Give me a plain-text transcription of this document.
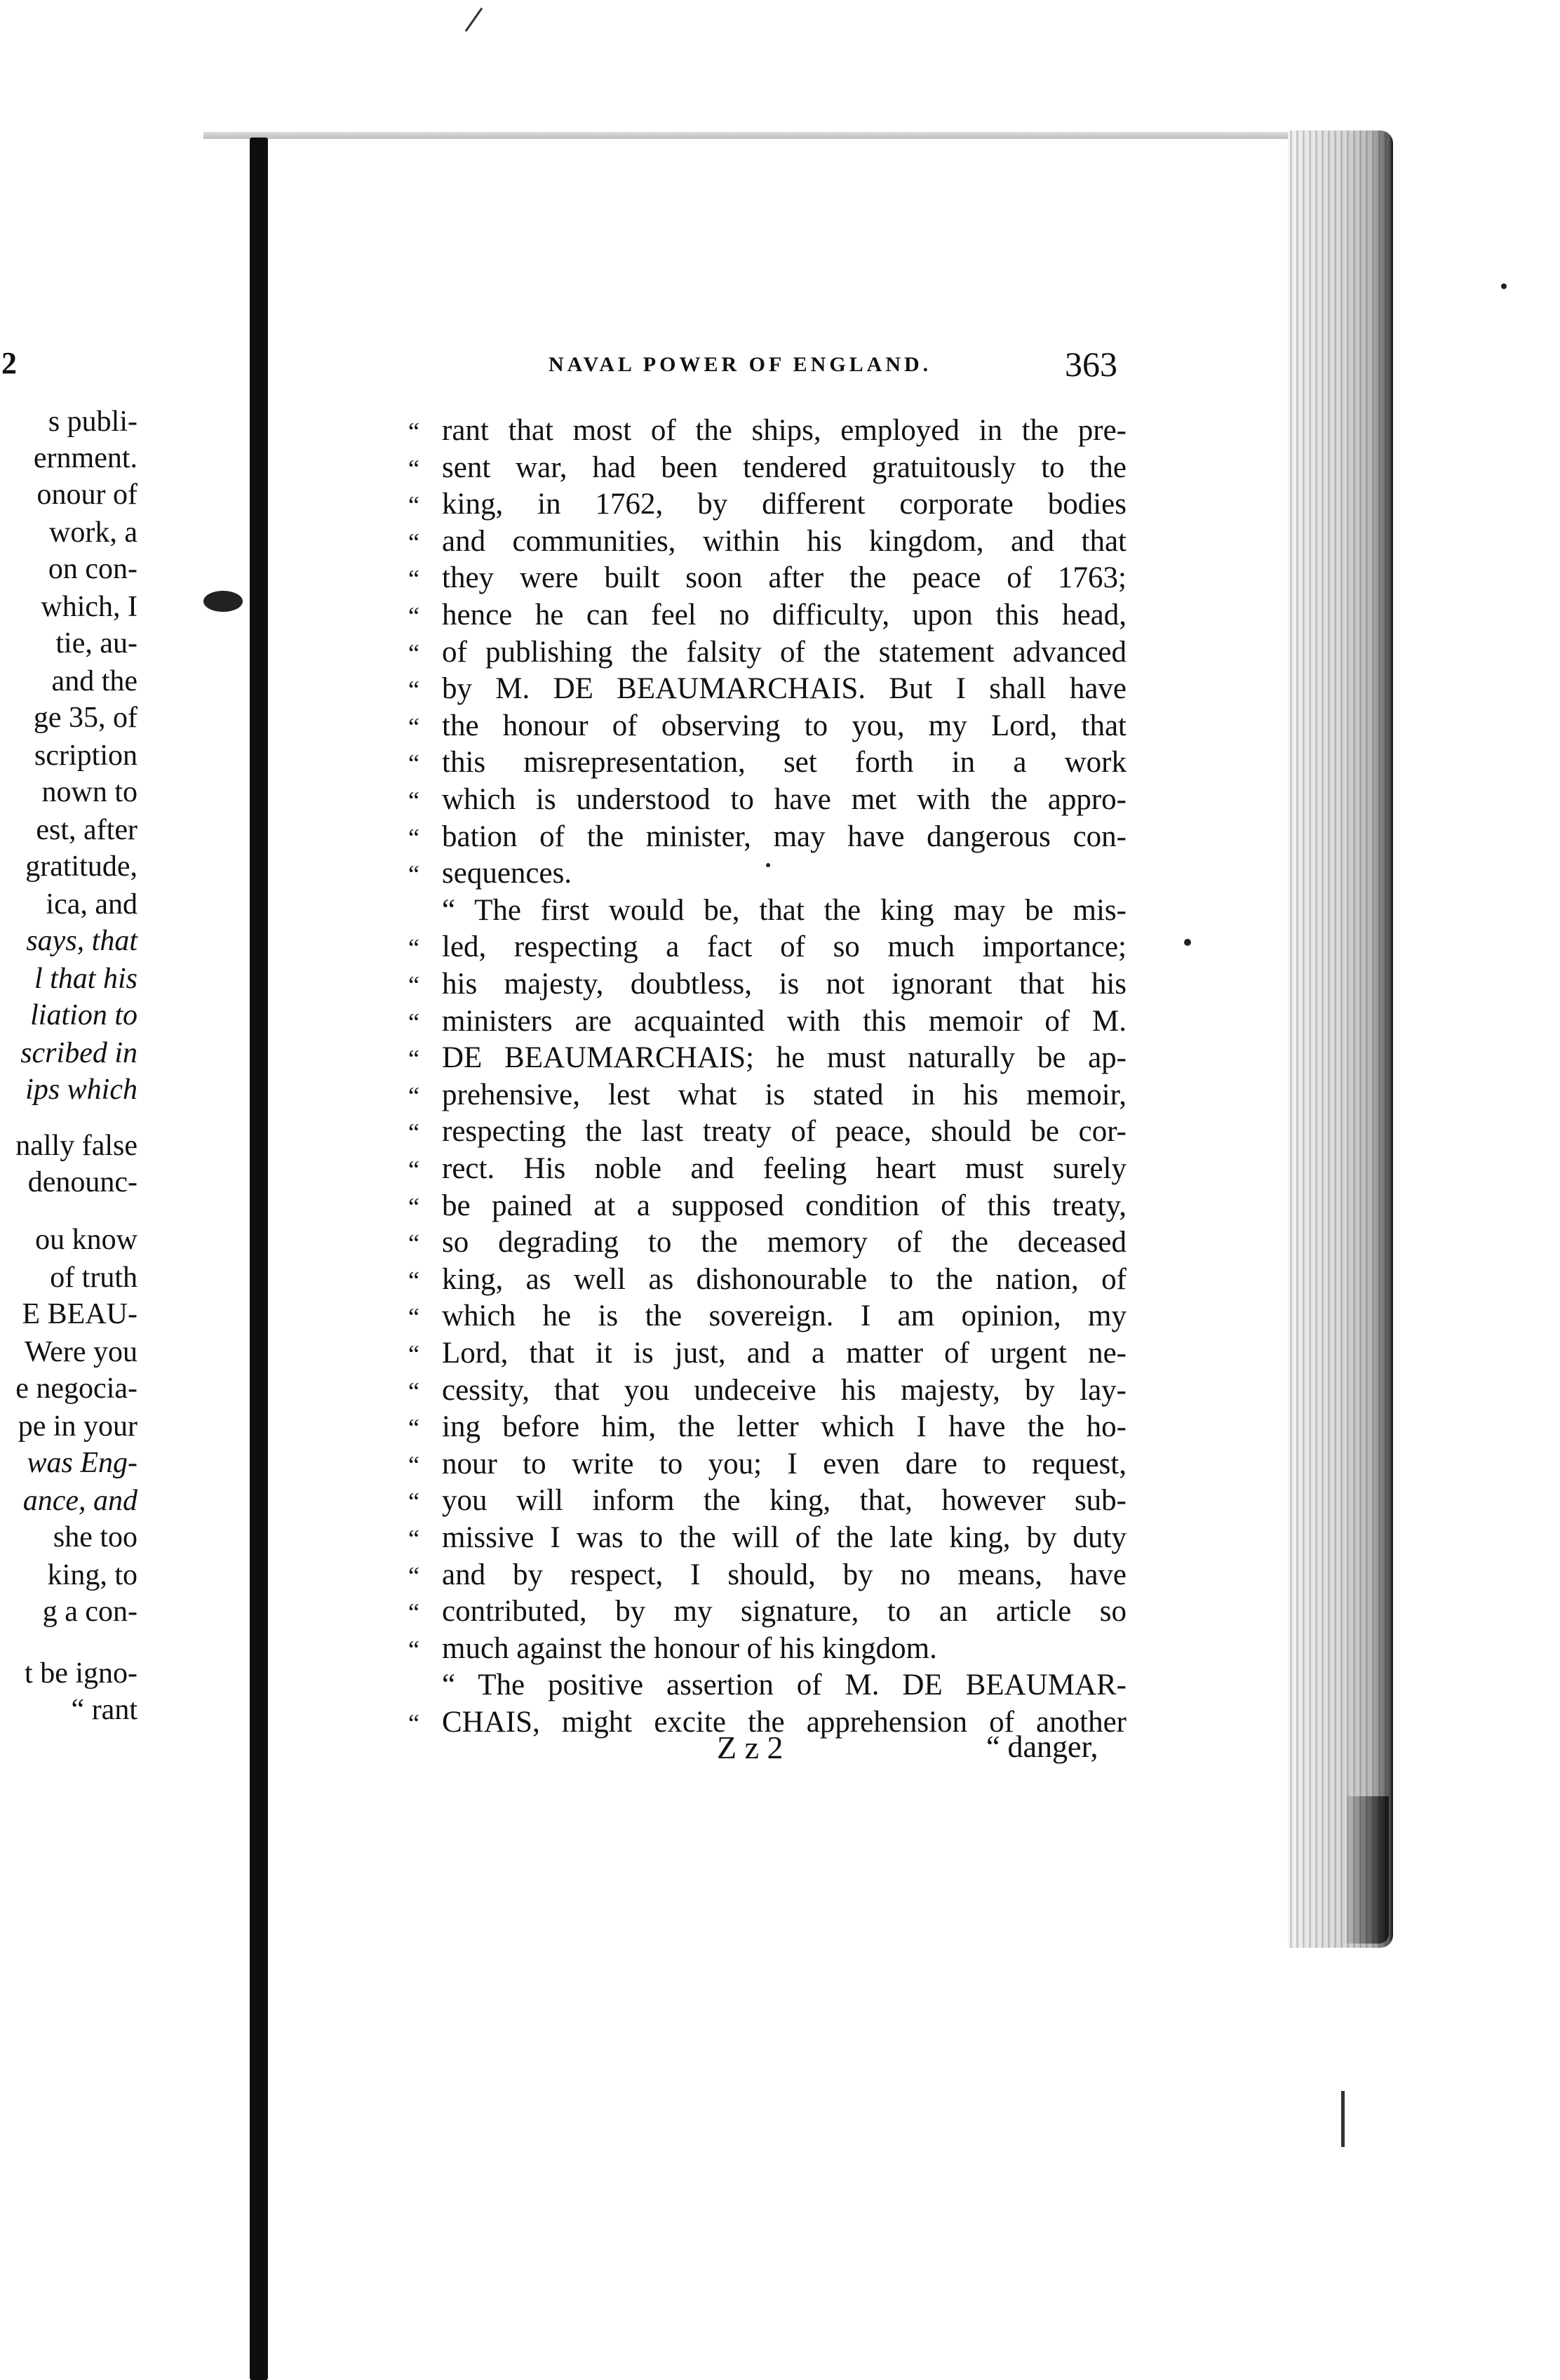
2
s publi-
ernment.
onour of
work, a
on con-
which, I
tie, au-
and the
ge 35, of
scription
nown to
est, after
gratitude,
ica, and
says, that
l that his
liation to
scribed in
ips which
nally false
denounc-
ou know
of truth
E BEAU-
Were you
e negocia-
pe in your
was Eng-
ance, and
she too
king, to
g a con-
t be igno-
“ rant
NAVAL POWER OF ENGLAND.	363
“ rant that most of the ships, employed in the pre-
“ sent war, had been tendered gratuitously to the
“ king, in 1762, by different corporate bodies
“ and communities, within his kingdom, and that
“ they were built soon after the peace of 1763;
“ hence he can feel no difficulty, upon this head,
“ of publishing the falsity of the statement advanced
“ by M. DE BEAUMARCHAIS. But I shall have
“ the honour of observing to you, my Lord, that
“ this misrepresentation, set forth in a work
“ which is understood to have met with the appro-
“ bation of the minister, may have dangerous con-
“ sequences.
“ The first would be, that the king may be mis-
“ led, respecting a fact of so much importance;
“ his majesty, doubtless, is not ignorant that his
“ ministers are acquainted with this memoir of M.
“ DE BEAUMARCHAIS; he must naturally be ap-
“ prehensive, lest what is stated in his memoir,
“ respecting the last treaty of peace, should be cor-
“ rect. His noble and feeling heart must surely
“ be pained at a supposed condition of this treaty,
“ so degrading to the memory of the deceased
“ king, as well as dishonourable to the nation, of
“ which he is the sovereign. I am opinion, my
“ Lord, that it is just, and a matter of urgent ne-
“ cessity, that you undeceive his majesty, by lay-
“ ing before him, the letter which I have the ho-
“ nour to write to you; I even dare to request,
“ you will inform the king, that, however sub-
“ missive I was to the will of the late king, by duty
“ and by respect, I should, by no means, have
“ contributed, by my signature, to an article so
“ much against the honour of his kingdom.
“ The positive assertion of M. DE BEAUMAR-
“ CHAIS, might excite the apprehension of another
Z z 2	“ danger,
